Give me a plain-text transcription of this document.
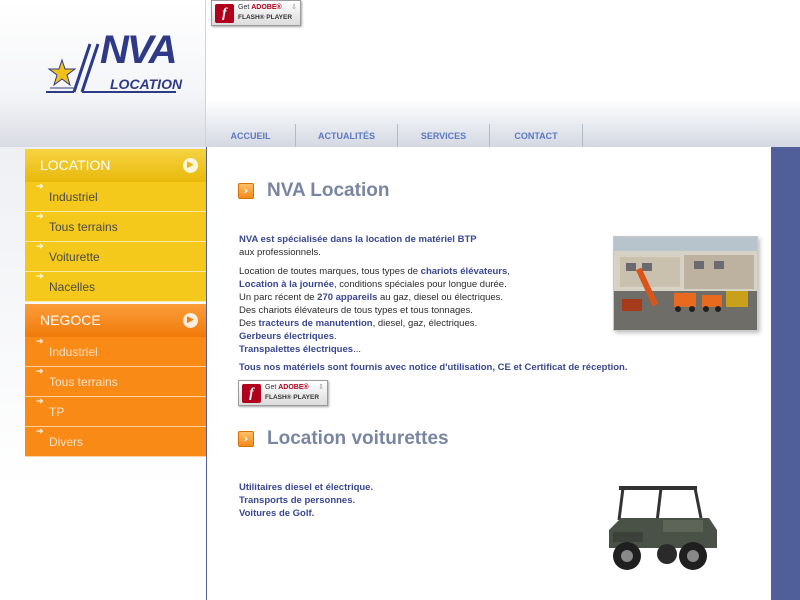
NVA
LOCATION
f	Get ADOBE®
FLASH® PLAYER
⇩
ACCUEIL	ACTUALITÉS	SERVICES	CONTACT
LOCATION	▶
➔
Industriel
➔
Tous terrains
➔
Voiturette
➔
Nacelles
NEGOCE	▶
➔
Industriel
➔
Tous terrains
➔
TP
➔
Divers
› NVA Location
NVA est spécialisée dans la location de matériel BTP
aux professionnels.
Location de toutes marques, tous types de chariots élévateurs,
Location à la journée, conditions spéciales pour longue durée.
Un parc récent de 270 appareils au gaz, diesel ou électriques.
Des chariots élévateurs de tous types et tous tonnages.
Des tracteurs de manutention, diesel, gaz, électriques.
Gerbeurs électriques.
Transpalettes électriques...
Tous nos matériels sont fournis avec notice d'utilisation, CE et Certificat de réception.
f	Get ADOBE®
FLASH® PLAYER
⇩
› Location voiturettes
Utilitaires diesel et électrique.
Transports de personnes.
Voitures de Golf.
